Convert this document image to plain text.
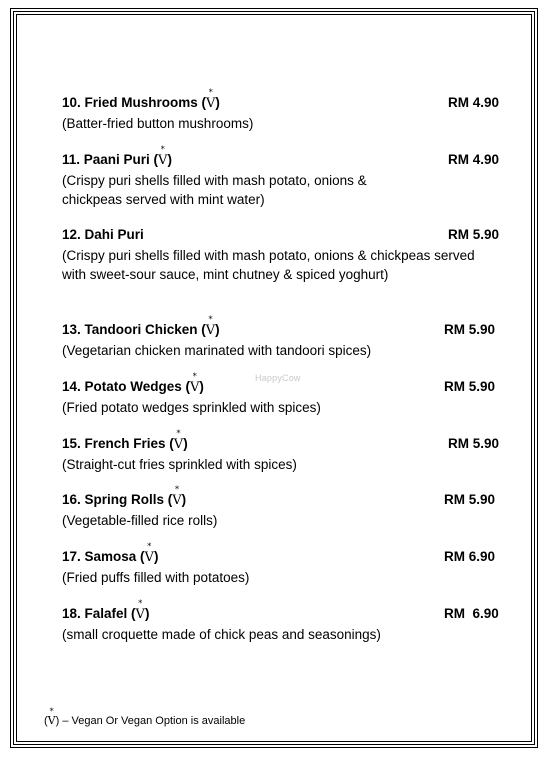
10. Fried Mushrooms (
*
V)	RM 4.90
(Batter-fried button mushrooms)
11. Paani Puri (
*
V)	RM 4.90
(Crispy puri shells filled with mash potato, onions & chickpeas served with mint water)
12. Dahi Puri	RM 5.90
(Crispy puri shells filled with mash potato, onions & chickpeas served with sweet-sour sauce, mint chutney & spiced yoghurt)
13. Tandoori Chicken (
*
V)	RM 5.90
(Vegetarian chicken marinated with tandoori spices)
14. Potato Wedges (
*
V)	RM 5.90
(Fried potato wedges sprinkled with spices)
15. French Fries (
*
V)	RM 5.90
(Straight-cut fries sprinkled with spices)
16. Spring Rolls (
*
V)	RM 5.90
(Vegetable-filled rice rolls)
17. Samosa (
*
V)	RM 6.90
(Fried puffs filled with potatoes)
18. Falafel (
*
V)	RM  6.90
(small croquette made of chick peas and seasonings)
HappyCow
(
*
V) – Vegan Or Vegan Option is available
